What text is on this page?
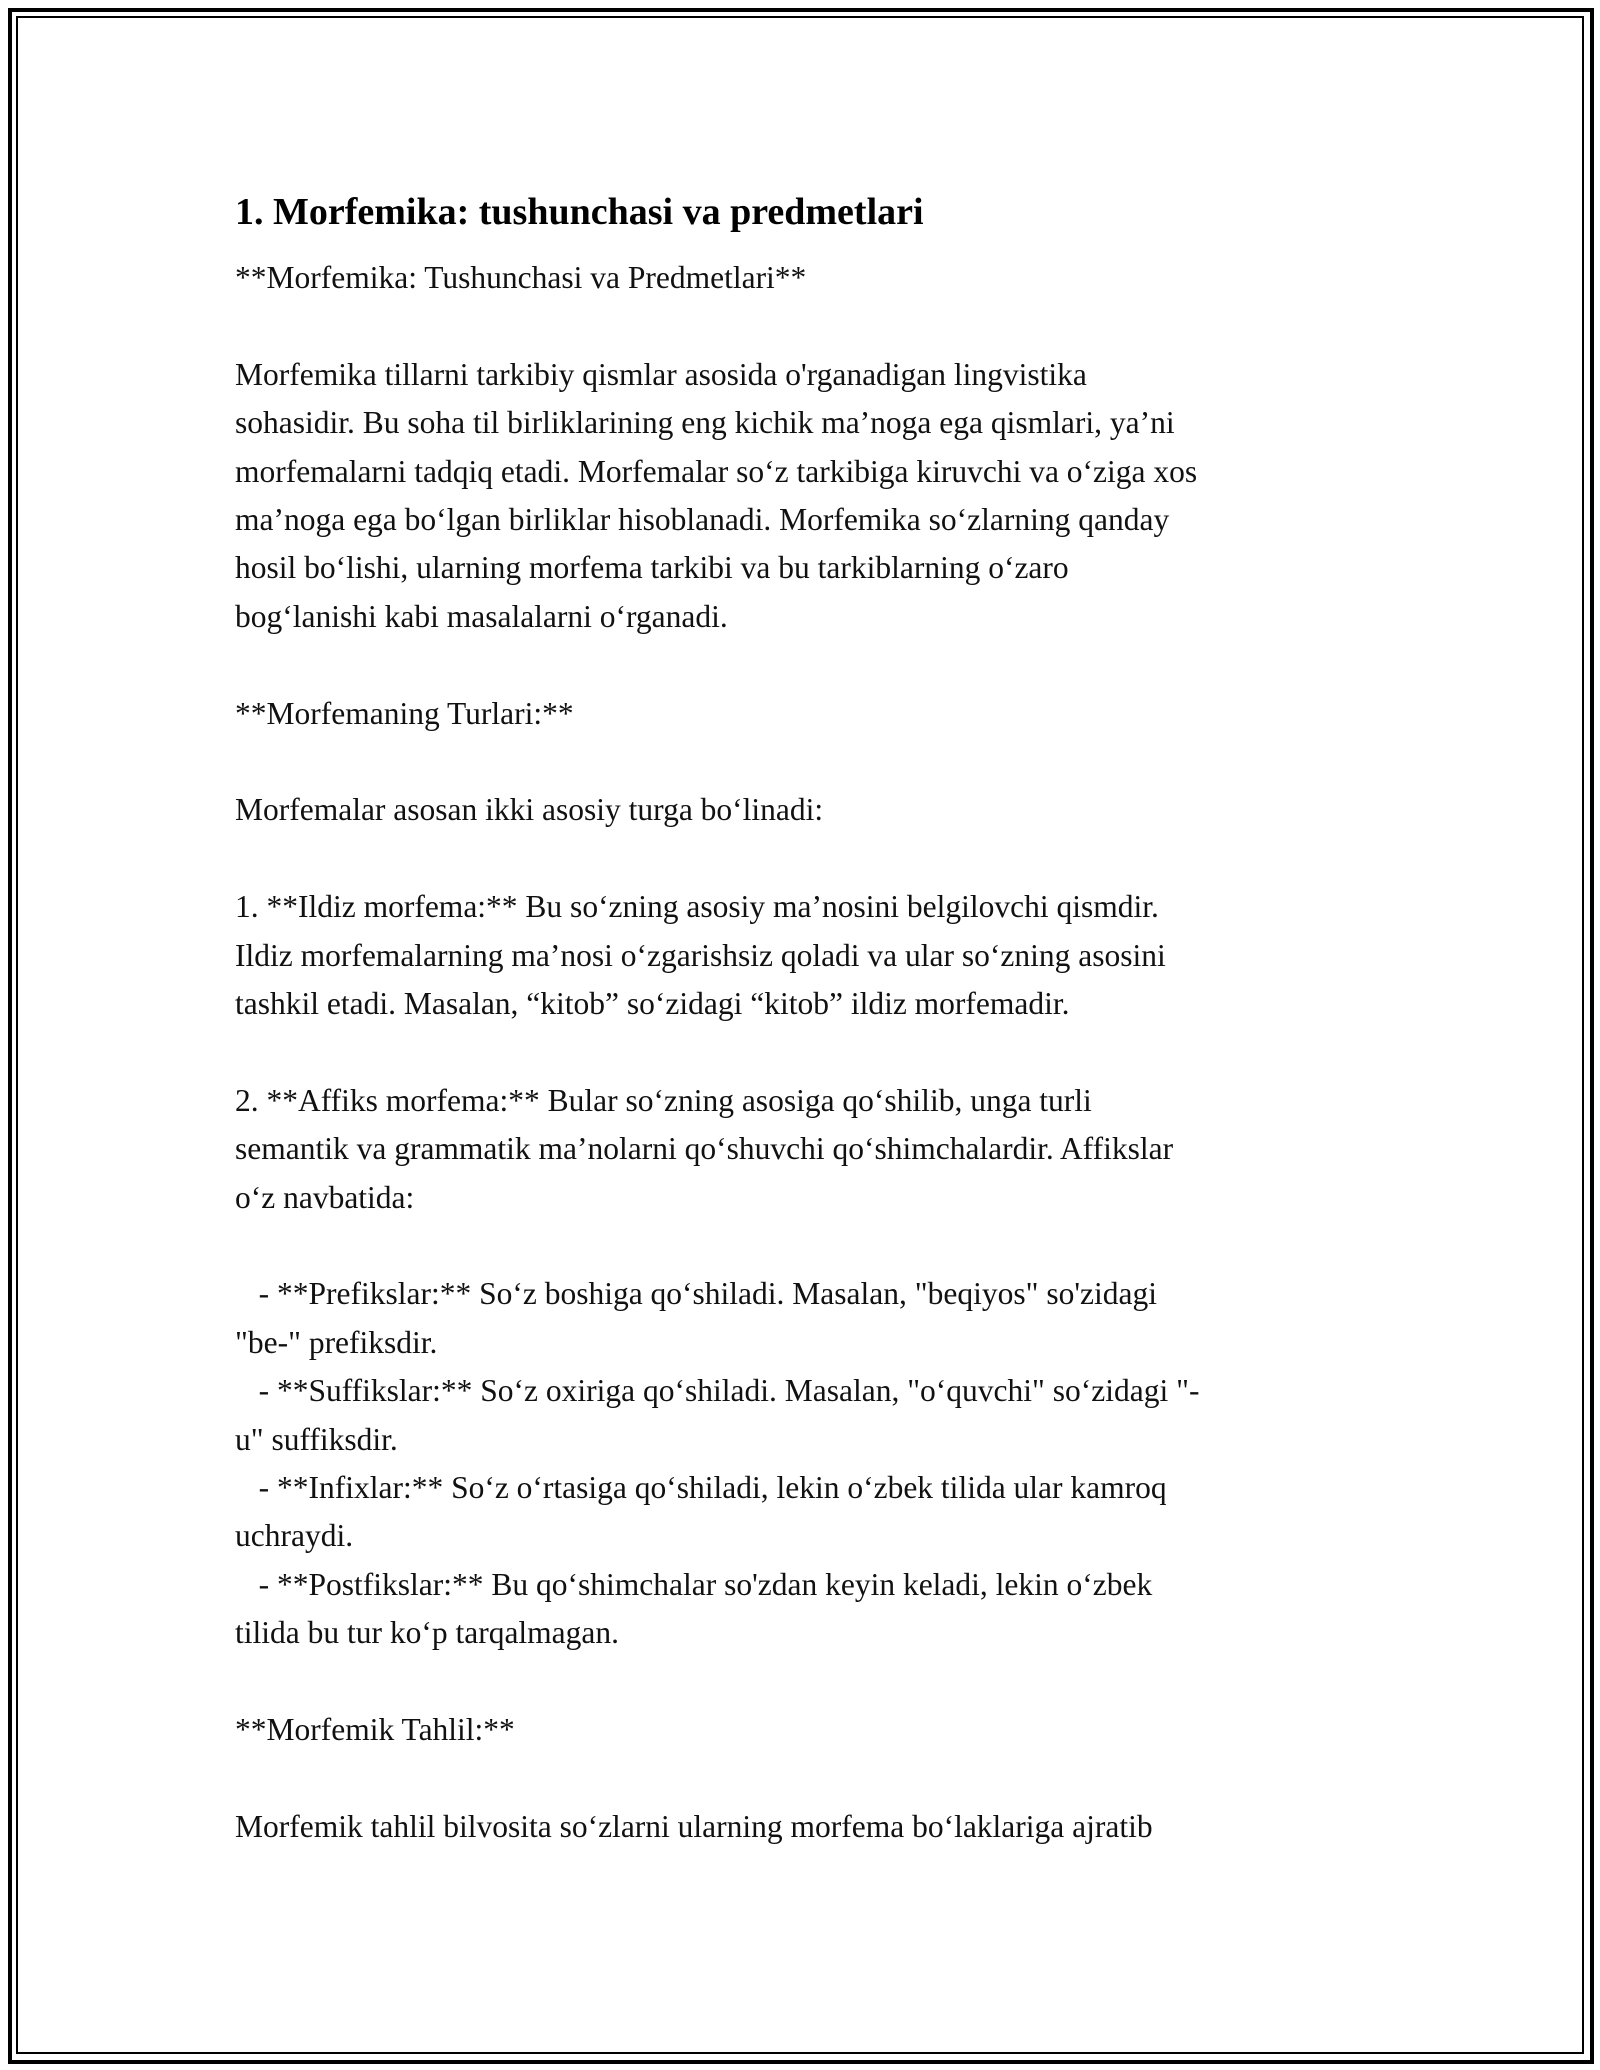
1. Morfemika: tushunchasi va predmetlari

**Morfemika: Tushunchasi va Predmetlari**

Morfemika tillarni tarkibiy qismlar asosida o'rganadigan lingvistika
sohasidir. Bu soha til birliklarining eng kichik ma’noga ega qismlari, ya’ni
morfemalarni tadqiq etadi. Morfemalar so‘z tarkibiga kiruvchi va o‘ziga xos
ma’noga ega bo‘lgan birliklar hisoblanadi. Morfemika so‘zlarning qanday
hosil bo‘lishi, ularning morfema tarkibi va bu tarkiblarning o‘zaro
bog‘lanishi kabi masalalarni o‘rganadi.

**Morfemaning Turlari:**

Morfemalar asosan ikki asosiy turga bo‘linadi:

1. **Ildiz morfema:** Bu so‘zning asosiy ma’nosini belgilovchi qismdir.
Ildiz morfemalarning ma’nosi o‘zgarishsiz qoladi va ular so‘zning asosini
tashkil etadi. Masalan, “kitob” so‘zidagi “kitob” ildiz morfemadir.

2. **Affiks morfema:** Bular so‘zning asosiga qo‘shilib, unga turli
semantik va grammatik ma’nolarni qo‘shuvchi qo‘shimchalardir. Affikslar
o‘z navbatida:

- **Prefikslar:** So‘z boshiga qo‘shiladi. Masalan, "beqiyos" so'zidagi
"be-" prefiksdir.

- **Suffikslar:** So‘z oxiriga qo‘shiladi. Masalan, "o‘quvchi" so‘zidagi "-
u" suffiksdir.

- **Infixlar:** So‘z o‘rtasiga qo‘shiladi, lekin o‘zbek tilida ular kamroq
uchraydi.

- **Postfikslar:** Bu qo‘shimchalar so'zdan keyin keladi, lekin o‘zbek
tilida bu tur ko‘p tarqalmagan.

**Morfemik Tahlil:**

Morfemik tahlil bilvosita so‘zlarni ularning morfema bo‘laklariga ajratib
